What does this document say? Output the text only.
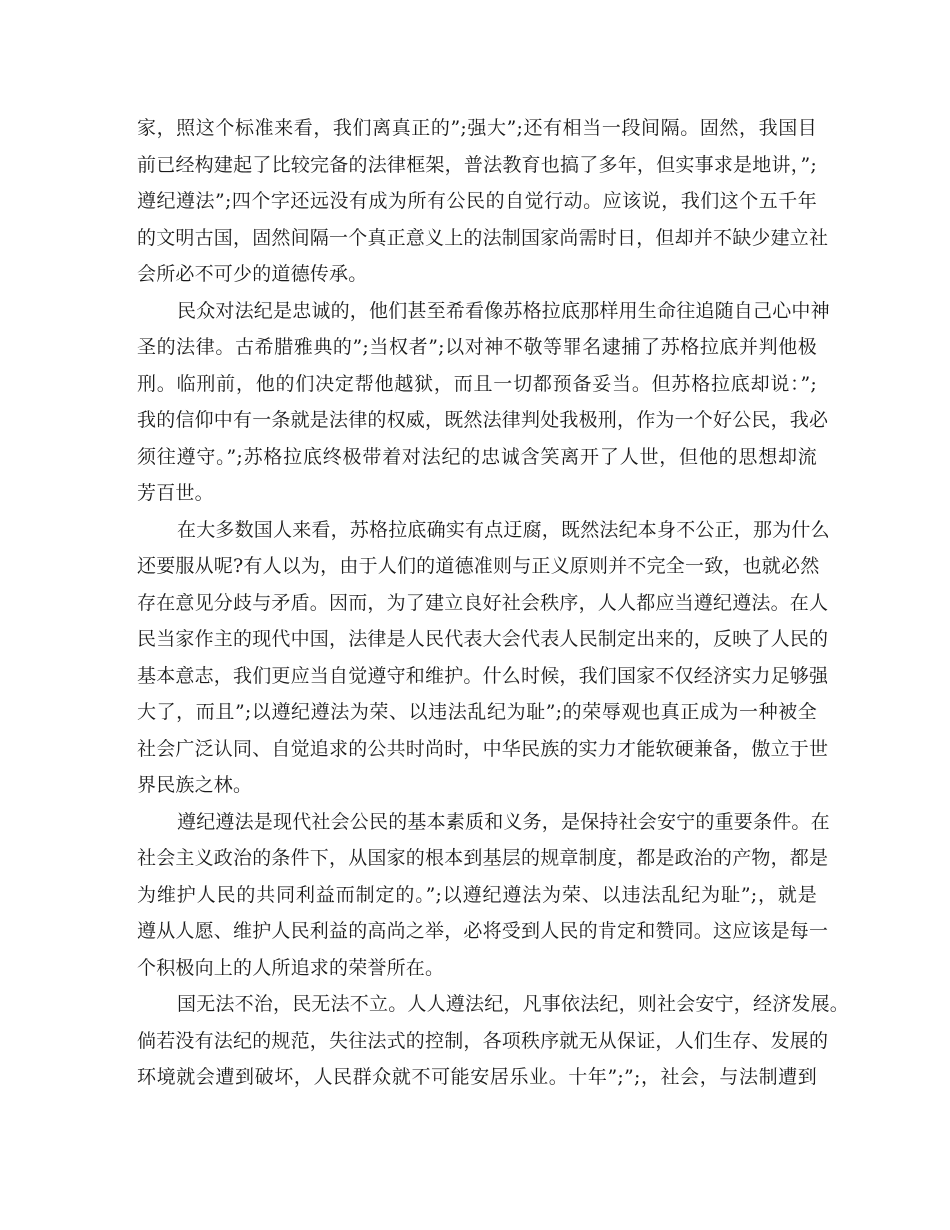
家，照这个标准来看，我们离真正的”;强大”;还有相当一段间隔。固然，我国目
前已经构建起了比较完备的法律框架，普法教育也搞了多年，但实事求是地讲，”;
遵纪遵法”;四个字还远没有成为所有公民的自觉行动。应该说，我们这个五千年
的文明古国，固然间隔一个真正意义上的法制国家尚需时日，但却并不缺少建立社
会所必不可少的道德传承。
民众对法纪是忠诚的，他们甚至希看像苏格拉底那样用生命往追随自己心中神
圣的法律。古希腊雅典的”;当权者”;以对神不敬等罪名逮捕了苏格拉底并判他极
刑。临刑前，他的们决定帮他越狱，而且一切都预备妥当。但苏格拉底却说：”;
我的信仰中有一条就是法律的权威，既然法律判处我极刑，作为一个好公民，我必
须往遵守。”;苏格拉底终极带着对法纪的忠诚含笑离开了人世，但他的思想却流
芳百世。
在大多数国人来看，苏格拉底确实有点迂腐，既然法纪本身不公正，那为什么
还要服从呢?有人以为，由于人们的道德准则与正义原则并不完全一致，也就必然
存在意见分歧与矛盾。因而，为了建立良好社会秩序，人人都应当遵纪遵法。在人
民当家作主的现代中国，法律是人民代表大会代表人民制定出来的，反映了人民的
基本意志，我们更应当自觉遵守和维护。什么时候，我们国家不仅经济实力足够强
大了，而且”;以遵纪遵法为荣、以违法乱纪为耻”;的荣辱观也真正成为一种被全
社会广泛认同、自觉追求的公共时尚时，中华民族的实力才能软硬兼备，傲立于世
界民族之林。
遵纪遵法是现代社会公民的基本素质和义务，是保持社会安宁的重要条件。在
社会主义政治的条件下，从国家的根本到基层的规章制度，都是政治的产物，都是
为维护人民的共同利益而制定的。”;以遵纪遵法为荣、以违法乱纪为耻”;，就是
遵从人愿、维护人民利益的高尚之举，必将受到人民的肯定和赞同。这应该是每一
个积极向上的人所追求的荣誉所在。
国无法不治，民无法不立。人人遵法纪，凡事依法纪，则社会安宁，经济发展。
倘若没有法纪的规范，失往法式的控制，各项秩序就无从保证，人们生存、发展的
环境就会遭到破坏，人民群众就不可能安居乐业。十年”;”;，社会，与法制遭到
